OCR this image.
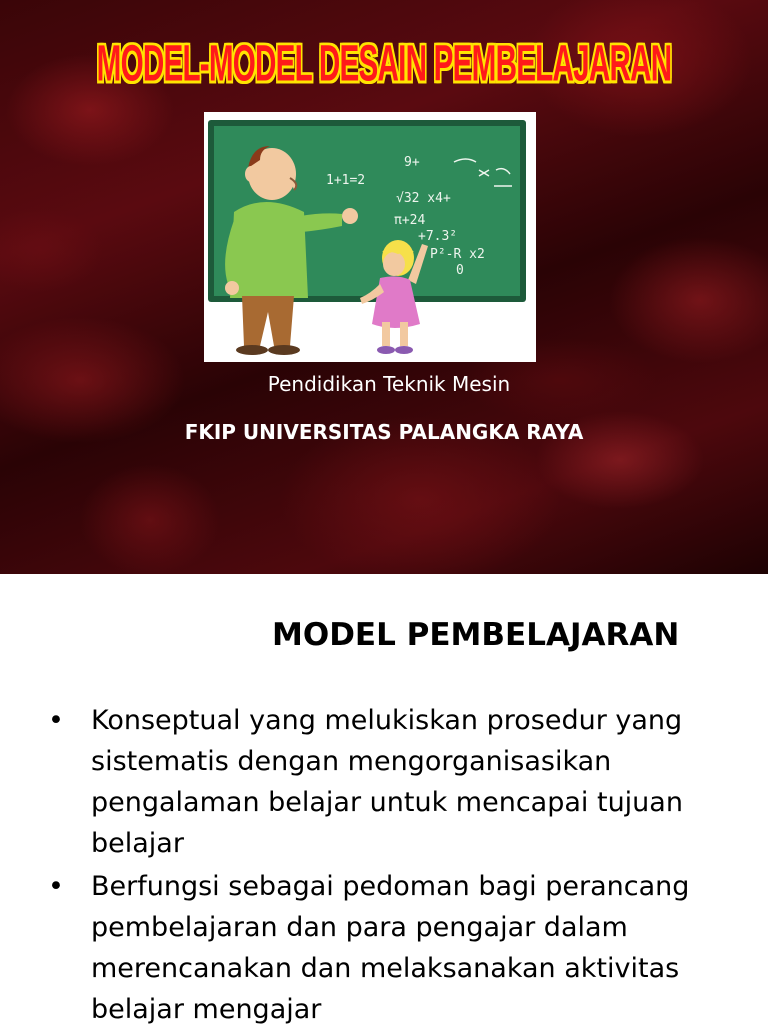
MODEL-MODEL DESAIN PEMBELAJARAN
1+1=2
9+
√32 x4+
π+24
+7.3²
P²-R x2
0
Pendidikan Teknik Mesin
FKIP UNIVERSITAS PALANGKA RAYA
MODEL PEMBELAJARAN
• Konseptual yang melukiskan prosedur yang
sistematis dengan mengorganisasikan
pengalaman belajar untuk mencapai tujuan
belajar
• Berfungsi sebagai pedoman bagi perancang
pembelajaran dan para pengajar dalam
merencanakan dan melaksanakan aktivitas
belajar mengajar
